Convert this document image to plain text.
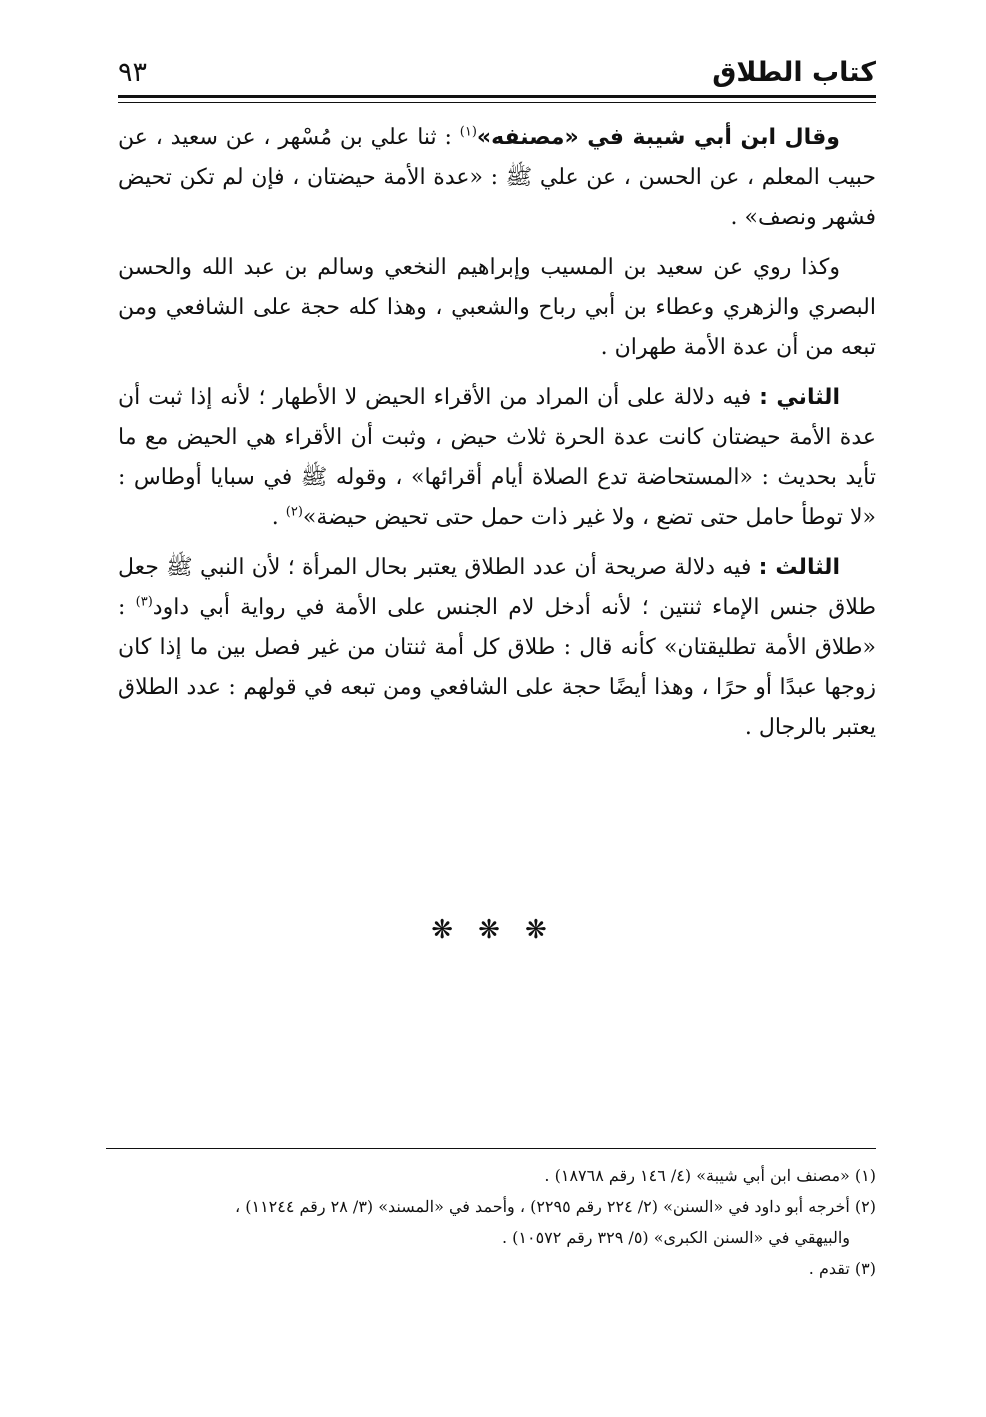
كتاب الطلاق
٩٣

وقال ابن أبي شيبة في «مصنفه»$^{(١)}$ : ثنا علي بن مُسْهر ، عن سعيد ، عن حبيب المعلم ، عن الحسن ، عن علي ﷺ : «عدة الأمة حيضتان ، فإن لم تكن تحيض فشهر ونصف» .

وكذا روي عن سعيد بن المسيب وإبراهيم النخعي وسالم بن عبد الله والحسن البصري والزهري وعطاء بن أبي رباح والشعبي ، وهذا كله حجة على الشافعي ومن تبعه من أن عدة الأمة طهران .

الثاني : فيه دلالة على أن المراد من الأقراء الحيض لا الأطهار ؛ لأنه إذا ثبت أن عدة الأمة حيضتان كانت عدة الحرة ثلاث حيض ، وثبت أن الأقراء هي الحيض مع ما تأيد بحديث : «المستحاضة تدع الصلاة أيام أقرائها» ، وقوله ﷺ في سبايا أوطاس : «لا توطأ حامل حتى تضع ، ولا غير ذات حمل حتى تحيض حيضة»$^{(٢)}$ .

الثالث : فيه دلالة صريحة أن عدد الطلاق يعتبر بحال المرأة ؛ لأن النبي ﷺ جعل طلاق جنس الإماء ثنتين ؛ لأنه أدخل لام الجنس على الأمة في رواية أبي داود$^{(٣)}$ : «طلاق الأمة تطليقتان» كأنه قال : طلاق كل أمة ثنتان من غير فصل بين ما إذا كان زوجها عبدًا أو حرًا ، وهذا أيضًا حجة على الشافعي ومن تبعه في قولهم : عدد الطلاق يعتبر بالرجال .

❋ ❋ ❋

(١) «مصنف ابن أبي شيبة» (٤/ ١٤٦ رقم ١٨٧٦٨) .

(٢) أخرجه أبو داود في «السنن» (٢/ ٢٢٤ رقم ٢٢٩٥) ، وأحمد في «المسند» (٣/ ٢٨ رقم ١١٢٤٤) ،
والبيهقي في «السنن الكبرى» (٥/ ٣٢٩ رقم ١٠٥٧٢) .

(٣) تقدم .
